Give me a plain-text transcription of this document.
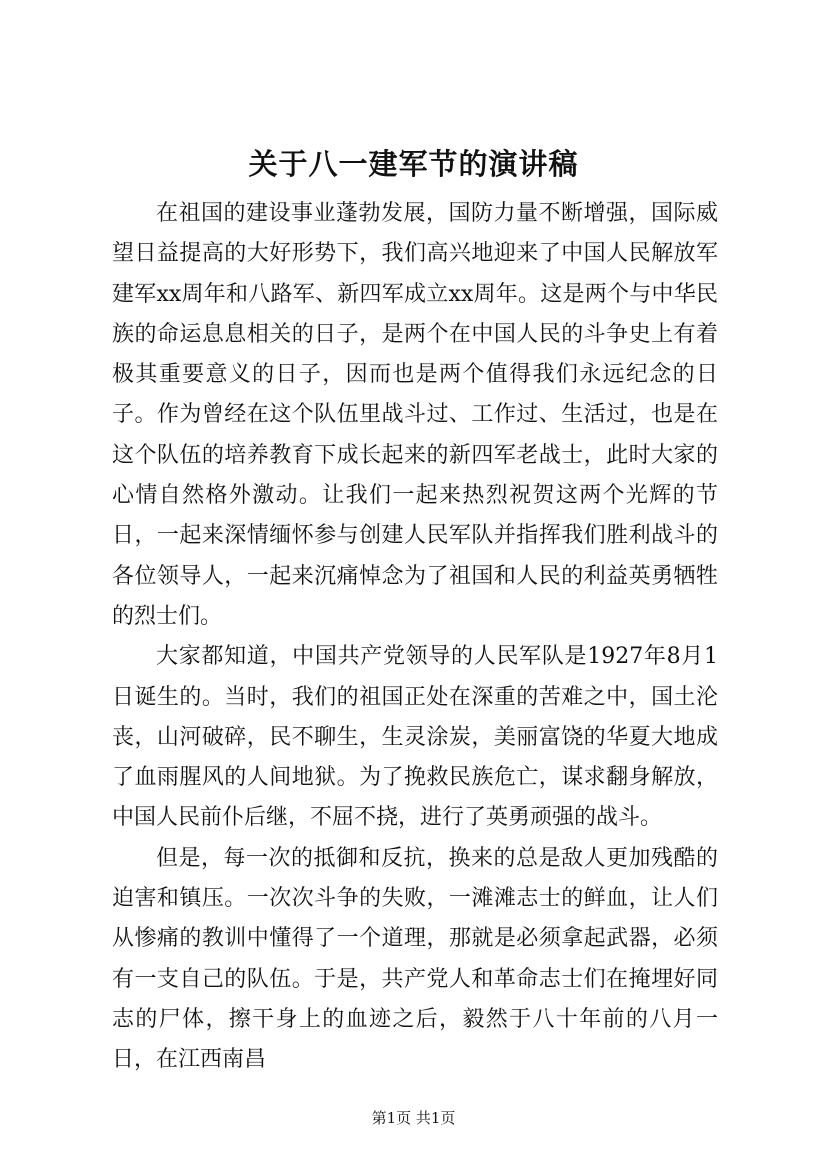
关于八一建军节的演讲稿

在祖国的建设事业蓬勃发展，国防力量不断增强，国际威望日益提高的大好形势下，我们高兴地迎来了中国人民解放军建军xx周年和八路军、新四军成立xx周年。这是两个与中华民族的命运息息相关的日子，是两个在中国人民的斗争史上有着极其重要意义的日子，因而也是两个值得我们永远纪念的日子。作为曾经在这个队伍里战斗过、工作过、生活过，也是在这个队伍的培养教育下成长起来的新四军老战士，此时大家的心情自然格外激动。让我们一起来热烈祝贺这两个光辉的节日，一起来深情缅怀参与创建人民军队并指挥我们胜利战斗的各位领导人，一起来沉痛悼念为了祖国和人民的利益英勇牺牲的烈士们。

大家都知道，中国共产党领导的人民军队是1927年8月1日诞生的。当时，我们的祖国正处在深重的苦难之中，国土沦丧，山河破碎，民不聊生，生灵涂炭，美丽富饶的华夏大地成了血雨腥风的人间地狱。为了挽救民族危亡，谋求翻身解放，中国人民前仆后继，不屈不挠，进行了英勇顽强的战斗。

但是，每一次的抵御和反抗，换来的总是敌人更加残酷的迫害和镇压。一次次斗争的失败，一滩滩志士的鲜血，让人们从惨痛的教训中懂得了一个道理，那就是必须拿起武器，必须有一支自己的队伍。于是，共产党人和革命志士们在掩埋好同志的尸体，擦干身上的血迹之后，毅然于八十年前的八月一日，在江西南昌

第1页 共1页
